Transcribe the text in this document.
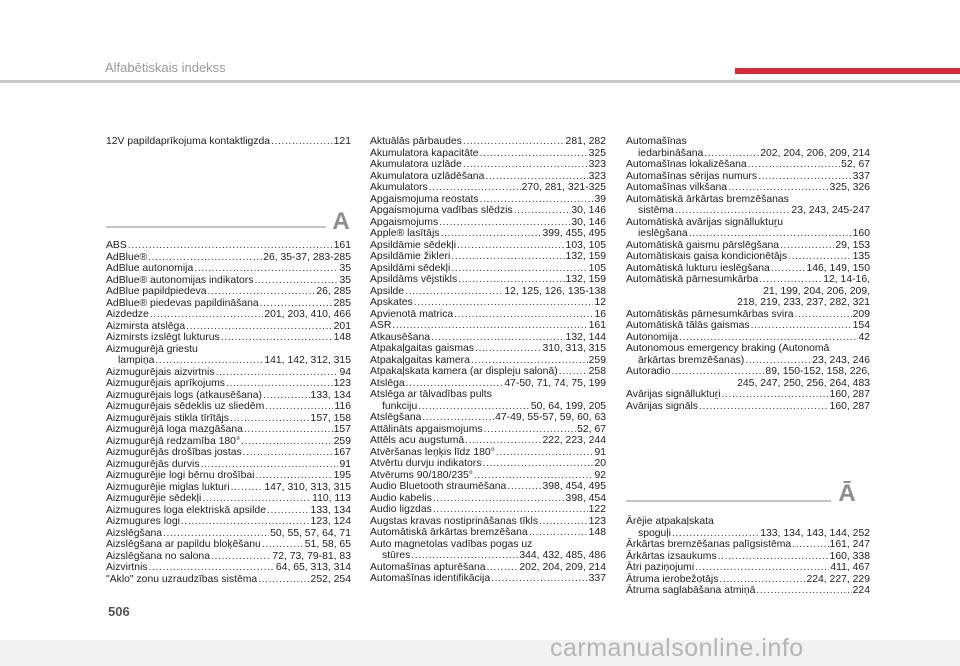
Alfabētiskais indekss
12V papildaprīkojuma kontaktligzda .....	121
A
ABS .....	161
AdBlue® .....	26, 35-37, 283-285
AdBlue autonomija .....	35
AdBlue® autonomijas indikators .....	35
AdBlue papildpiedeva .....	26, 285
AdBlue® piedevas papildināšana .....	285
Aizdedze .....	201, 203, 410, 466
Aizmirsta atslēga .....	201
Aizmirsts izslēgt lukturus .....	148
Aizmugurējā griestu
lampiņa .....	141, 142, 312, 315
Aizmugurējais aizvirtnis .....	94
Aizmugurējais aprīkojums .....	123
Aizmugurējais logs (atkausēšana) .....	133, 134
Aizmugurējais sēdeklis uz sliedēm .....	116
Aizmugurējais stikla tīrītājs .....	157, 158
Aizmugurējā loga mazgāšana .....	157
Aizmugurējā redzamība 180° .....	259
Aizmugurējās drošības jostas .....	167
Aizmugurējās durvis .....	91
Aizmugurējie logi bērnu drošībai .....	195
Aizmugurējie miglas lukturi .....	147, 310, 313, 315
Aizmugurējie sēdekļi .....	110, 113
Aizmugures loga elektriskā apsilde .....	133, 134
Aizmugures logi .....	123, 124
Aizslēgšana .....	50, 55, 57, 64, 71
Aizslēgšana ar papildu bloķēšanu .....	51, 58, 65
Aizslēgšana no salona .....	72, 73, 79-81, 83
Aizvirtnis .....	64, 65, 313, 314
"Aklo" zonu uzraudzības sistēma .....	252, 254
Aktuālās pārbaudes .....	281, 282
Akumulatora kapacitāte .....	325
Akumulatora uzlāde .....	323
Akumulatora uzlādēšana .....	323
Akumulators .....	270, 281, 321-325
Apgaismojuma reostats .....	39
Apgaismojuma vadības slēdzis .....	30, 146
Apgaismojums .....	30, 146
Apple® lasītājs .....	399, 455, 495
Apsildāmie sēdekļi .....	103, 105
Apsildāmie žikleri .....	132, 159
Apsildāmi sēdekļi .....	105
Apsildāms vējstikls .....	132, 159
Apsilde .....	12, 125, 126, 135-138
Apskates .....	12
Apvienotā matrica .....	16
ASR .....	161
Atkausēšana .....	132, 144
Atpakaļgaitas gaismas .....	310, 313, 315
Atpakaļgaitas kamera .....	259
Atpakaļskata kamera (ar displeju salonā) .....	258
Atslēga .....	47-50, 71, 74, 75, 199
Atslēga ar tālvadības pults
funkciju .....	50, 64, 199, 205
Atslēgšana .....	47-49, 55-57, 59, 60, 63
Attālināts apgaismojums .....	52, 67
Attēls acu augstumā .....	222, 223, 244
Atvēršanas leņķis līdz 180° .....	91
Atvērtu durvju indikators .....	20
Atvērums 90/180/235° .....	92
Audio Bluetooth straumēšana .....	398, 454, 495
Audio kabelis .....	398, 454
Audio ligzdas .....	122
Augstas kravas nostiprināšanas tīkls .....	123
Automātiskā ārkārtas bremzēšana .....	148
Auto magnetolas vadības pogas uz
stūres .....	344, 432, 485, 486
Automašīnas apturēšana .....	202, 204, 209, 214
Automašīnas identifikācija .....	337
Automašīnas
iedarbināšana .....	202, 204, 206, 209, 214
Automašīnas lokalizēšana .....	52, 67
Automašīnas sērijas numurs .....	337
Automašīnas vilkšana .....	325, 326
Automātiskā ārkārtas bremzēšanas
sistēma .....	23, 243, 245-247
Automātiskā avārijas signālluktuṟu
ieslēgšana .....	160
Automātiskā gaismu pārslēgšana .....	29, 153
Automātiskais gaisa kondicionētājs .....	135
Automātiskā lukturu ieslēgšana .....	146, 149, 150
Automātiskā pārnesumkārba .....	12, 14-16,
21, 199, 204, 206, 209,
218, 219, 233, 237, 282, 321
Automātiskās pārnesumkārbas svira .....	209
Automātiskā tālās gaismas .....	154
Autonomija .....	42
Autonomous emergency braking (Autonomā
ārkārtas bremzēšanas) .....	23, 243, 246
Autoradio .....	89, 150-152, 158, 226,
245, 247, 250, 256, 264, 483
Avārijas signālluktuṟi .....	160, 287
Avārijas signāls .....	160, 287
Ā
Ārējie atpakaļskata
spoguļi .....	133, 134, 143, 144, 252
Ārkārtas bremzēšanas palīgsistēma .....	161, 247
Ārkārtas izsaukums .....	160, 338
Ātri paziņojumi .....	411, 467
Ātruma ierobežotājs .....	224, 227, 229
Ātruma saglabāšana atmiņā .....	224
506
carmanualsonline.info
